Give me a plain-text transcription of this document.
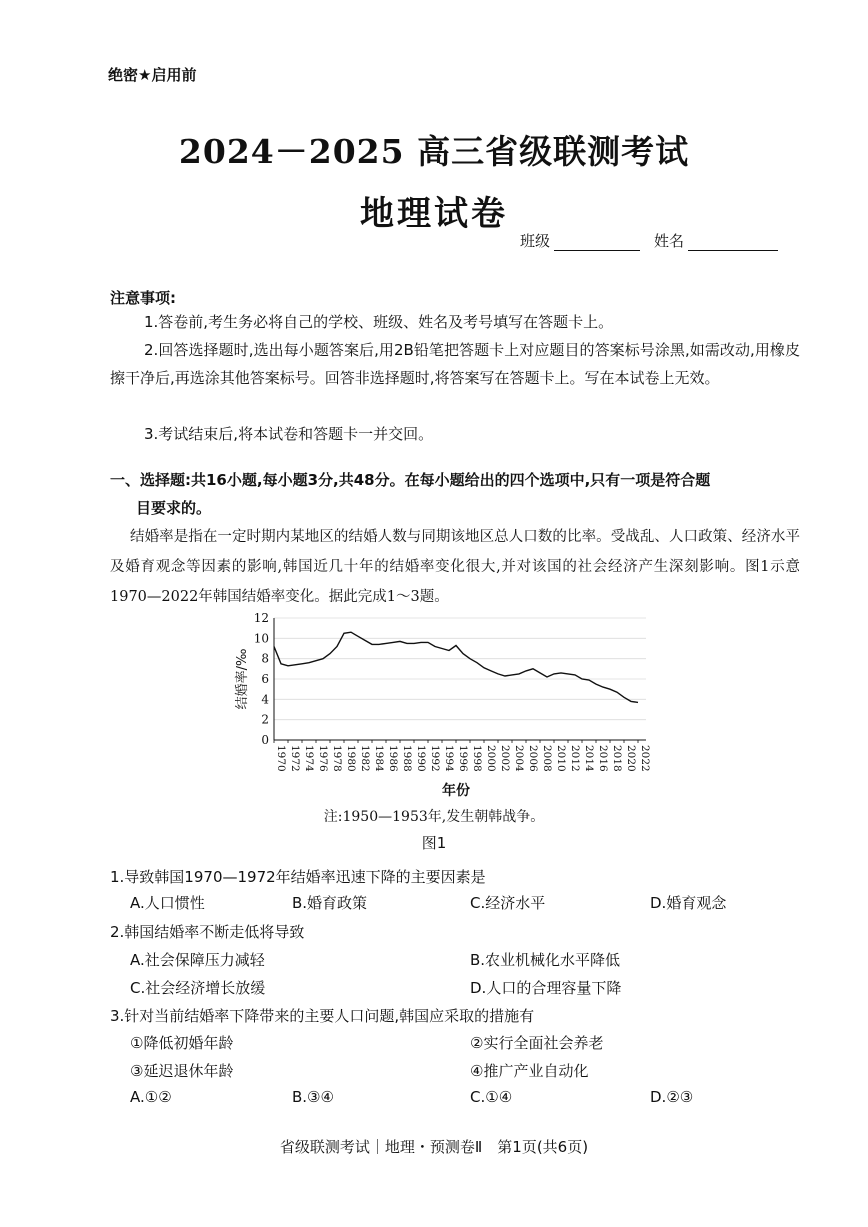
绝密★启用前
2024－2025 高三省级联测考试
地理试卷
班级	姓名
注意事项:
1.答卷前,考生务必将自己的学校、班级、姓名及考号填写在答题卡上。
2.回答选择题时,选出每小题答案后,用2B铅笔把答题卡上对应题目的答案标号涂黑,如需改动,用橡皮擦干净后,再选涂其他答案标号。回答非选择题时,将答案写在答题卡上。写在本试卷上无效。
3.考试结束后,将本试卷和答题卡一并交回。
一、选择题:共16小题,每小题3分,共48分。在每小题给出的四个选项中,只有一项是符合题
目要求的。
结婚率是指在一定时期内某地区的结婚人数与同期该地区总人口数的比率。受战乱、人口政策、经济水平及婚育观念等因素的影响,韩国近几十年的结婚率变化很大,并对该国的社会经济产生深刻影响。图1示意1970—2022年韩国结婚率变化。据此完成1～3题。
0
2
4
6
8
10
12
1970 1972 1974 1976 1978 1980 1982 1984 1986 1988 1990 1992 1994 1996 1998 2000 2002 2004 2006 2008 2010 2012 2014 2016 2018 2020 2022
结婚率/‰
年份
注:1950—1953年,发生朝韩战争。
图1
1.导致韩国1970—1972年结婚率迅速下降的主要因素是
A.人口惯性	B.婚育政策	C.经济水平	D.婚育观念
2.韩国结婚率不断走低将导致
A.社会保障压力减轻	B.农业机械化水平降低
C.社会经济增长放缓	D.人口的合理容量下降
3.针对当前结婚率下降带来的主要人口问题,韩国应采取的措施有
①降低初婚年龄	②实行全面社会养老
③延迟退休年龄	④推广产业自动化
A.①②	B.③④	C.①④	D.②③
省级联测考试｜地理・预测卷Ⅱ　第1页(共6页)
